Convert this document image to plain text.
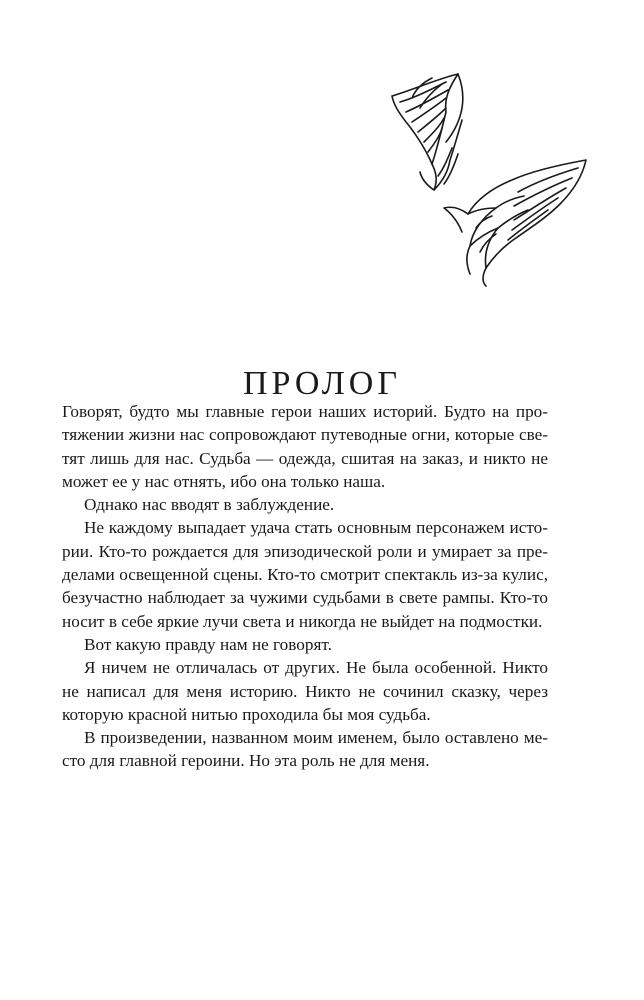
ПРОЛОГ

Говорят, будто мы главные герои наших историй. Будто на протяжении жизни нас сопровождают путеводные огни, которые светят лишь для нас. Судьба — одежда, сшитая на заказ, и никто не может ее у нас отнять, ибо она только наша.

Однако нас вводят в заблуждение.

Не каждому выпадает удача стать основным персонажем истории. Кто-то рождается для эпизодической роли и умирает за пределами освещенной сцены. Кто-то смотрит спектакль из-за кулис, безучастно наблюдает за чужими судьбами в свете рампы. Кто-то носит в себе яркие лучи света и никогда не выйдет на подмостки.

Вот какую правду нам не говорят.

Я ничем не отличалась от других. Не была особенной. Никто не написал для меня историю. Никто не сочинил сказку, через которую красной нитью проходила бы моя судьба.

В произведении, названном моим именем, было оставлено место для главной героини. Но эта роль не для меня.
